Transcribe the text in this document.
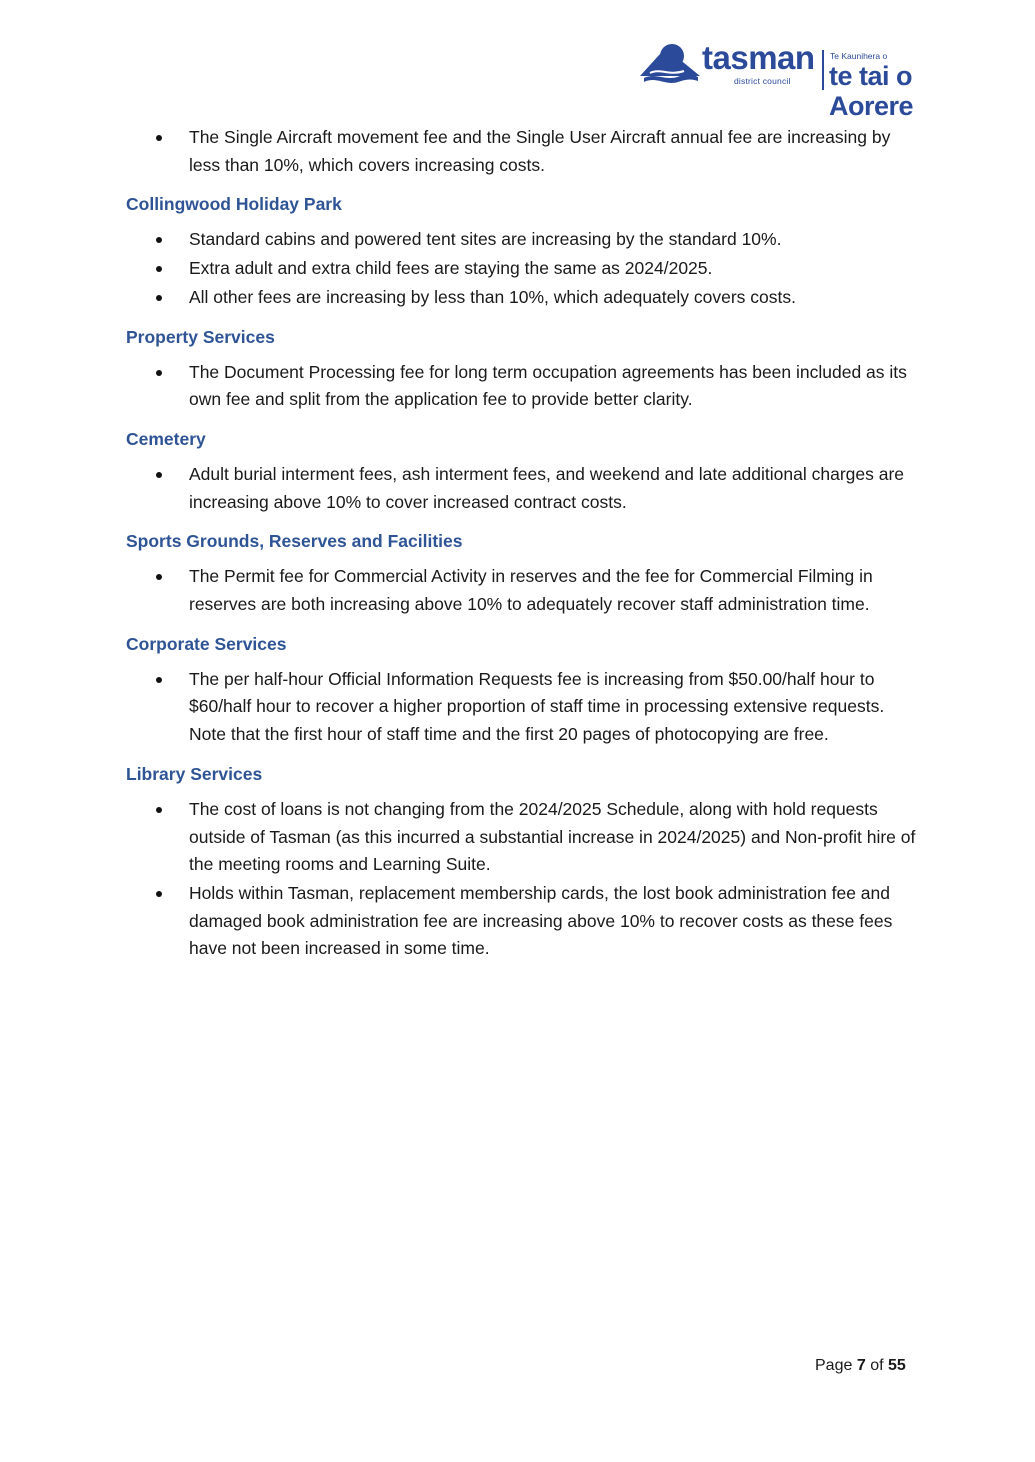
tasman
district council
Te Kaunihera o
te tai o Aorere
The Single Aircraft movement fee and the Single User Aircraft annual fee are increasing by less than 10%, which covers increasing costs.
Collingwood Holiday Park
Standard cabins and powered tent sites are increasing by the standard 10%.
Extra adult and extra child fees are staying the same as 2024/2025.
All other fees are increasing by less than 10%, which adequately covers costs.
Property Services
The Document Processing fee for long term occupation agreements has been included as its own fee and split from the application fee to provide better clarity.
Cemetery
Adult burial interment fees, ash interment fees, and weekend and late additional charges are increasing above 10% to cover increased contract costs.
Sports Grounds, Reserves and Facilities
The Permit fee for Commercial Activity in reserves and the fee for Commercial Filming in reserves are both increasing above 10% to adequately recover staff administration time.
Corporate Services
The per half-hour Official Information Requests fee is increasing from $50.00/half hour to $60/half hour to recover a higher proportion of staff time in processing extensive requests. Note that the first hour of staff time and the first 20 pages of photocopying are free.
Library Services
The cost of loans is not changing from the 2024/2025 Schedule, along with hold requests outside of Tasman (as this incurred a substantial increase in 2024/2025) and Non-profit hire of the meeting rooms and Learning Suite.
Holds within Tasman, replacement membership cards, the lost book administration fee and damaged book administration fee are increasing above 10% to recover costs as these fees have not been increased in some time.
Page 7 of 55
